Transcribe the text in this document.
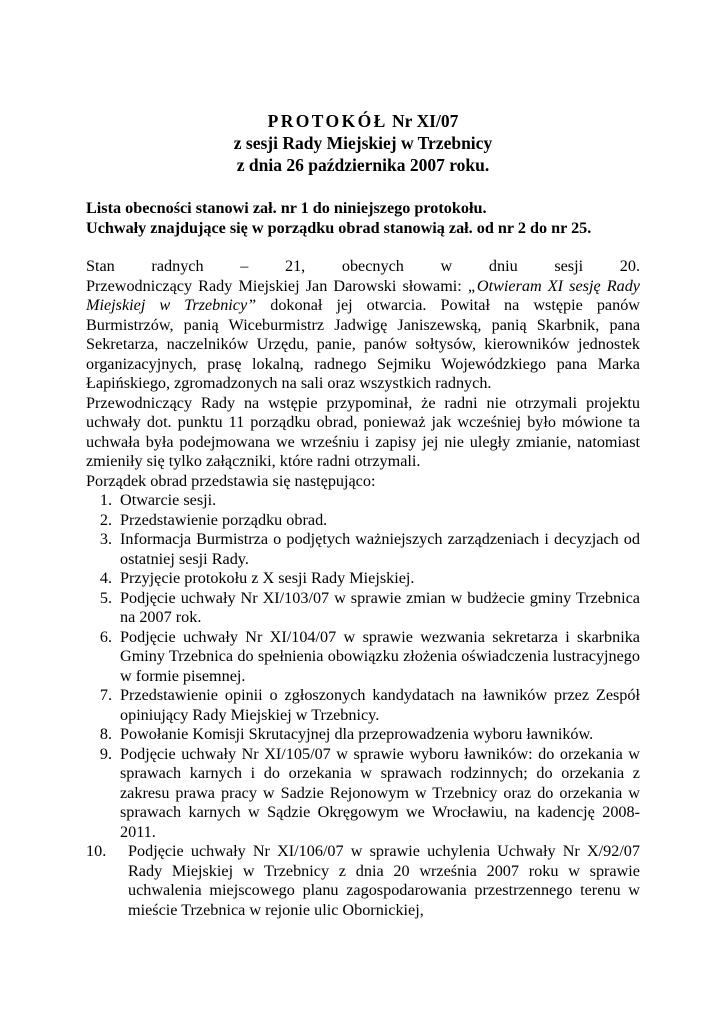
PROTOKÓŁ Nr XI/07
z sesji Rady Miejskiej w Trzebnicy
z dnia 26 października 2007 roku.
Lista obecności stanowi zał. nr 1 do niniejszego protokołu.
Uchwały znajdujące się w porządku obrad stanowią zał. od nr 2 do nr 25.

Stan radnych – 21, obecnych w dniu sesji 20.

Przewodniczący Rady Miejskiej Jan Darowski słowami: „Otwieram XI sesję Rady Miejskiej w Trzebnicy” dokonał jej otwarcia. Powitał na wstępie panów Burmistrzów, panią Wiceburmistrz Jadwigę Janiszewską, panią Skarbnik, pana Sekretarza, naczelników Urzędu, panie, panów sołtysów, kierowników jednostek organizacyjnych, prasę lokalną, radnego Sejmiku Wojewódzkiego pana Marka Łapińskiego, zgromadzonych na sali oraz wszystkich radnych.

Przewodniczący Rady na wstępie przypominał, że radni nie otrzymali projektu uchwały dot. punktu 11 porządku obrad, ponieważ jak wcześniej było mówione ta uchwała była podejmowana we wrześniu i zapisy jej nie uległy zmianie, natomiast zmieniły się tylko załączniki, które radni otrzymali.

Porządek obrad przedstawia się następująco:

1. Otwarcie sesji.
2. Przedstawienie porządku obrad.
3. Informacja Burmistrza o podjętych ważniejszych zarządzeniach i decyzjach od ostatniej sesji Rady.
4. Przyjęcie protokołu z X sesji Rady Miejskiej.
5. Podjęcie uchwały Nr XI/103/07 w sprawie zmian w budżecie gminy Trzebnica na 2007 rok.
6. Podjęcie uchwały Nr XI/104/07 w sprawie wezwania sekretarza i skarbnika Gminy Trzebnica do spełnienia obowiązku złożenia oświadczenia lustracyjnego w formie pisemnej.
7. Przedstawienie opinii o zgłoszonych kandydatach na ławników przez Zespół opiniujący Rady Miejskiej w Trzebnicy.
8. Powołanie Komisji Skrutacyjnej dla przeprowadzenia wyboru ławników.
9. Podjęcie uchwały Nr XI/105/07 w sprawie wyboru ławników: do orzekania w sprawach karnych i do orzekania w sprawach rodzinnych; do orzekania z zakresu prawa pracy w Sadzie Rejonowym w Trzebnicy oraz do orzekania w sprawach karnych w Sądzie Okręgowym we Wrocławiu, na kadencję 2008-2011.
10.	Podjęcie uchwały Nr XI/106/07 w sprawie uchylenia Uchwały Nr X/92/07 Rady Miejskiej w Trzebnicy z dnia 20 września 2007 roku w sprawie uchwalenia miejscowego planu zagospodarowania przestrzennego terenu w mieście Trzebnica w rejonie ulic Obornickiej,
